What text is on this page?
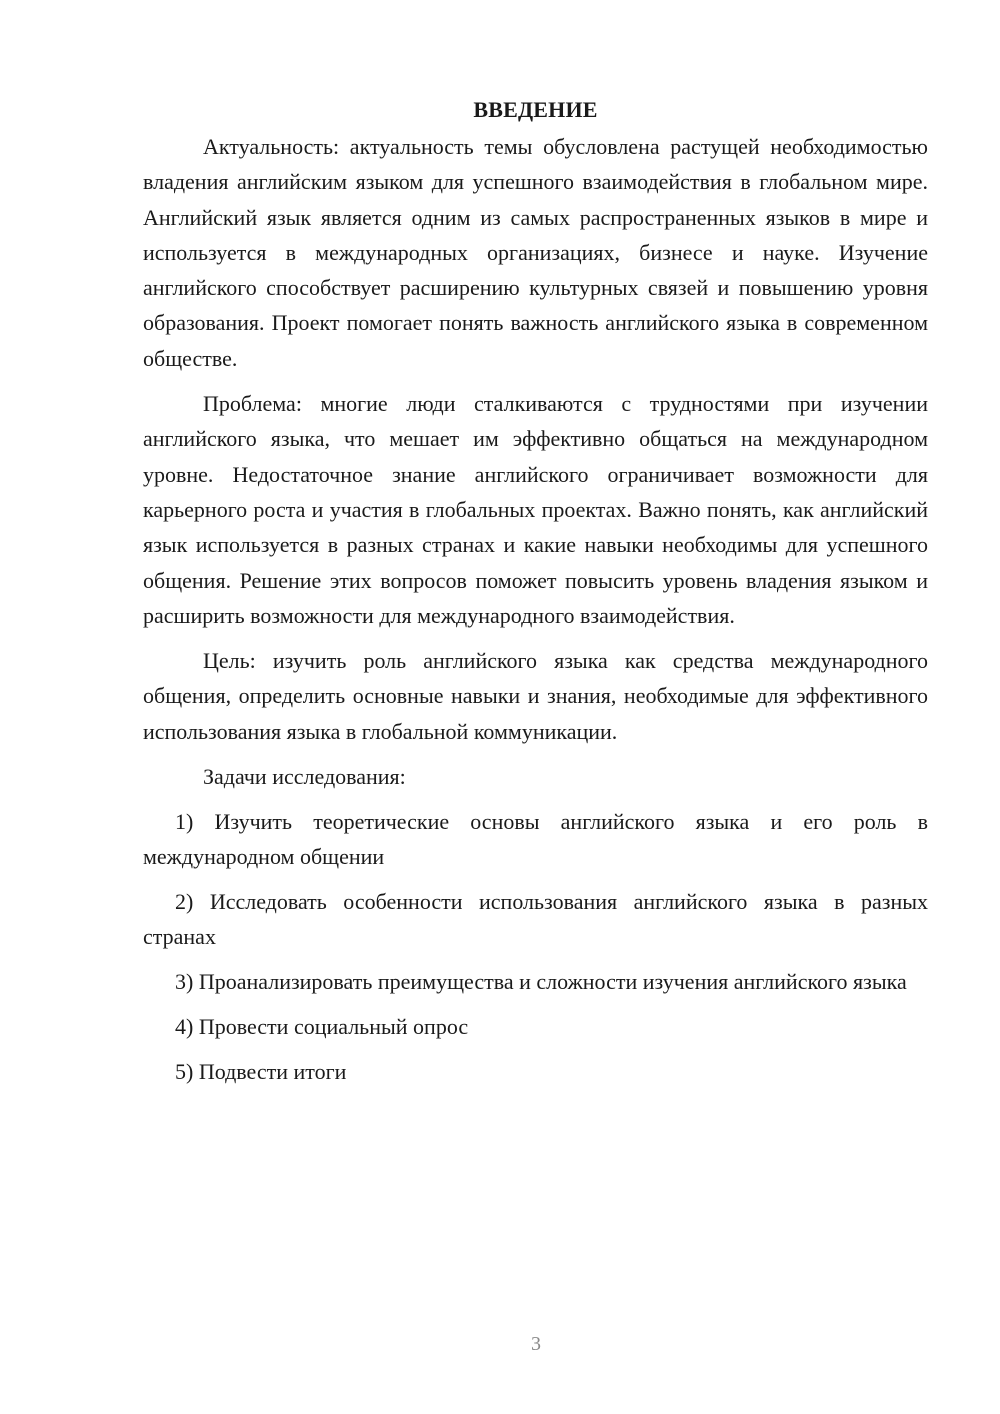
ВВЕДЕНИЕ

Актуальность: актуальность темы обусловлена растущей необходимостью владения английским языком для успешного взаимодействия в глобальном мире. Английский язык является одним из самых распространенных языков в мире и используется в международных организациях, бизнесе и науке. Изучение английского способствует расширению культурных связей и повышению уровня образования. Проект помогает понять важность английского языка в современном обществе.

Проблема: многие люди сталкиваются с трудностями при изучении английского языка, что мешает им эффективно общаться на международном уровне. Недостаточное знание английского ограничивает возможности для карьерного роста и участия в глобальных проектах. Важно понять, как английский язык используется в разных странах и какие навыки необходимы для успешного общения. Решение этих вопросов поможет повысить уровень владения языком и расширить возможности для международного взаимодействия.

Цель: изучить роль английского языка как средства международного общения, определить основные навыки и знания, необходимые для эффективного использования языка в глобальной коммуникации.

Задачи исследования:

1) Изучить теоретические основы английского языка и его роль в международном общении

2) Исследовать особенности использования английского языка в разных странах

3) Проанализировать преимущества и сложности изучения английского языка

4) Провести социальный опрос

5) Подвести итоги

3
